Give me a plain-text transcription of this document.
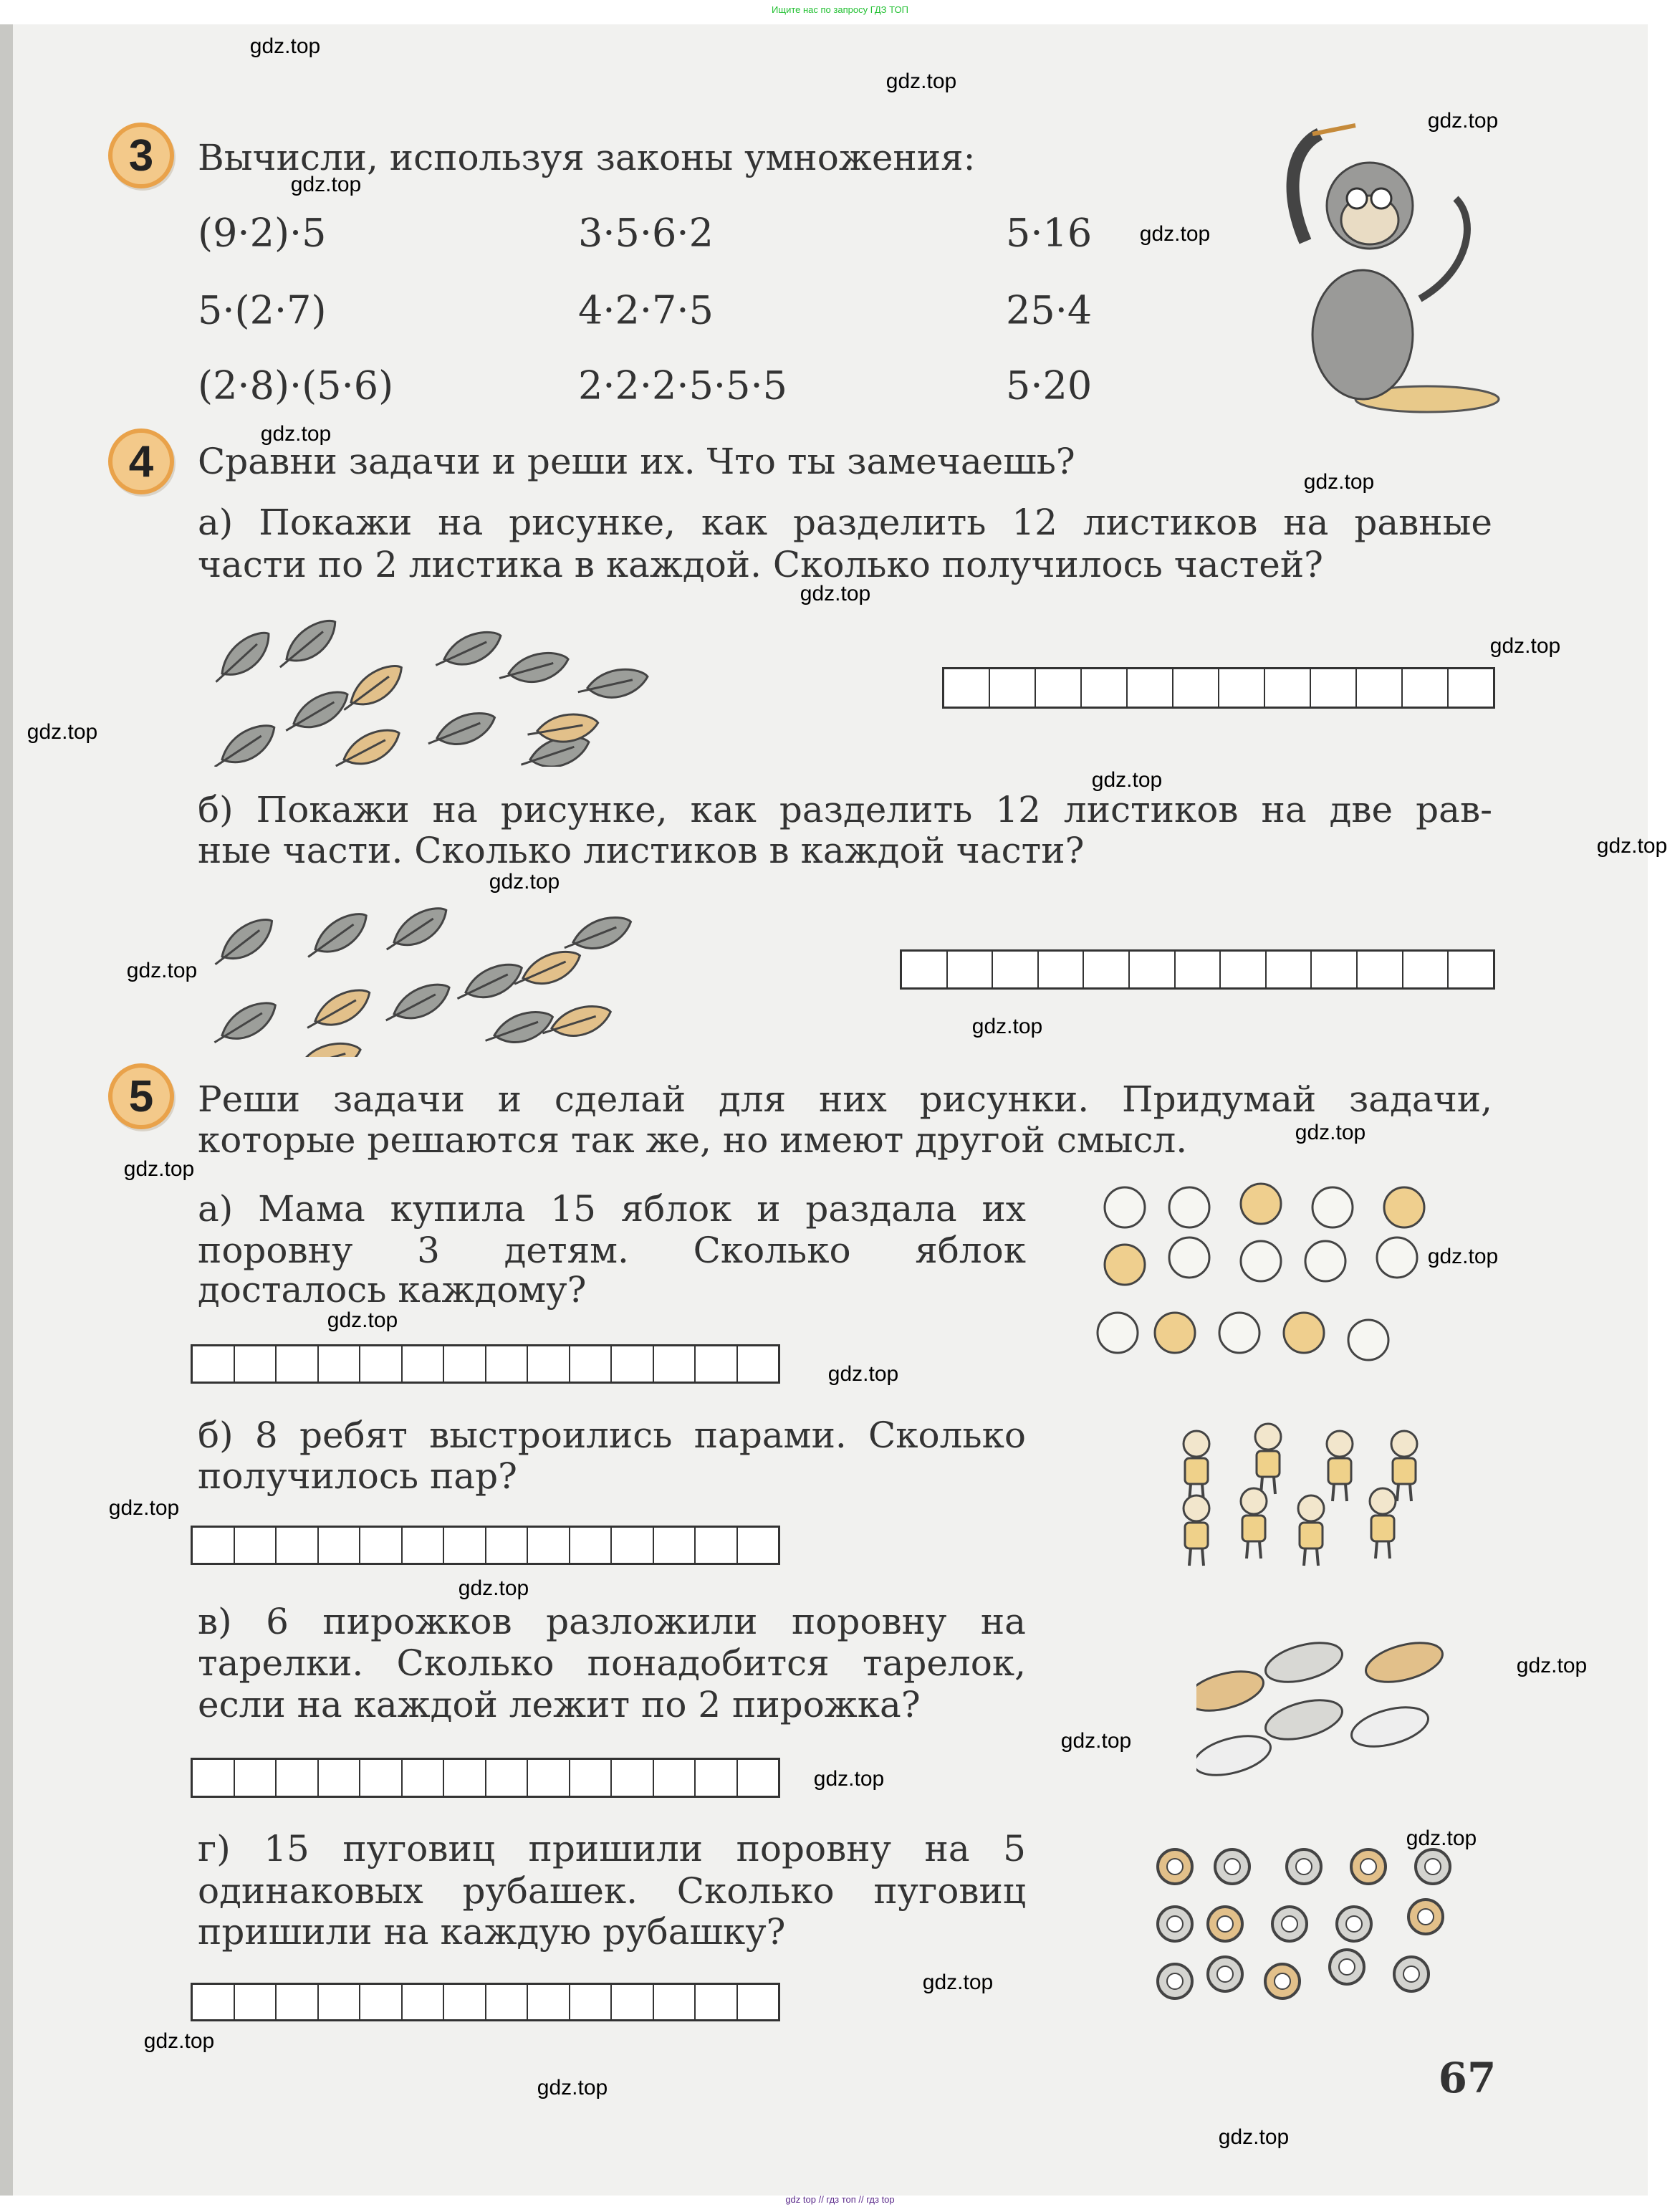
Ищите нас по запросу ГДЗ ТОП
3	Вычисли, используя законы умножения:
(9·2)·5	3·5·6·2	5·16
5·(2·7)	4·2·7·5	25·4
(2·8)·(5·6)	2·2·2·5·5·5	5·20
4	Сравни задачи и реши их. Что ты замечаешь?
а) Покажи на рисунке, как разделить 12 листиков на равные
части по 2 листика в каждой. Сколько получилось частей?
б) Покажи на рисунке, как разделить 12 листиков на две рав-
ные части. Сколько листиков в каждой части?
5	Реши задачи и сделай для них рисунки. Придумай задачи,
которые решаются так же, но имеют другой смысл.
а) Мама купила 15 яблок и раздала их
поровну 3 детям. Сколько яблок
досталось каждому?
б) 8 ребят выстроились парами. Сколько
получилось пар?
в) 6 пирожков разложили поровну на
тарелки. Сколько понадобится тарелок,
если на каждой лежит по 2 пирожка?
г) 15 пуговиц пришили поровну на 5
одинаковых рубашек. Сколько пуговиц
пришили на каждую рубашку?
67
gdz.top
gdz.top
gdz.top
gdz.top
gdz.top
gdz.top
gdz.top
gdz.top
gdz.top
gdz.top
gdz.top
gdz.top
gdz.top
gdz.top
gdz.top
gdz.top
gdz.top
gdz.top
gdz.top
gdz.top
gdz.top
gdz.top
gdz.top
gdz.top
gdz.top
gdz.top
gdz.top
gdz.top
gdz.top
gdz.top
gdz top // гдз топ // гдз top
